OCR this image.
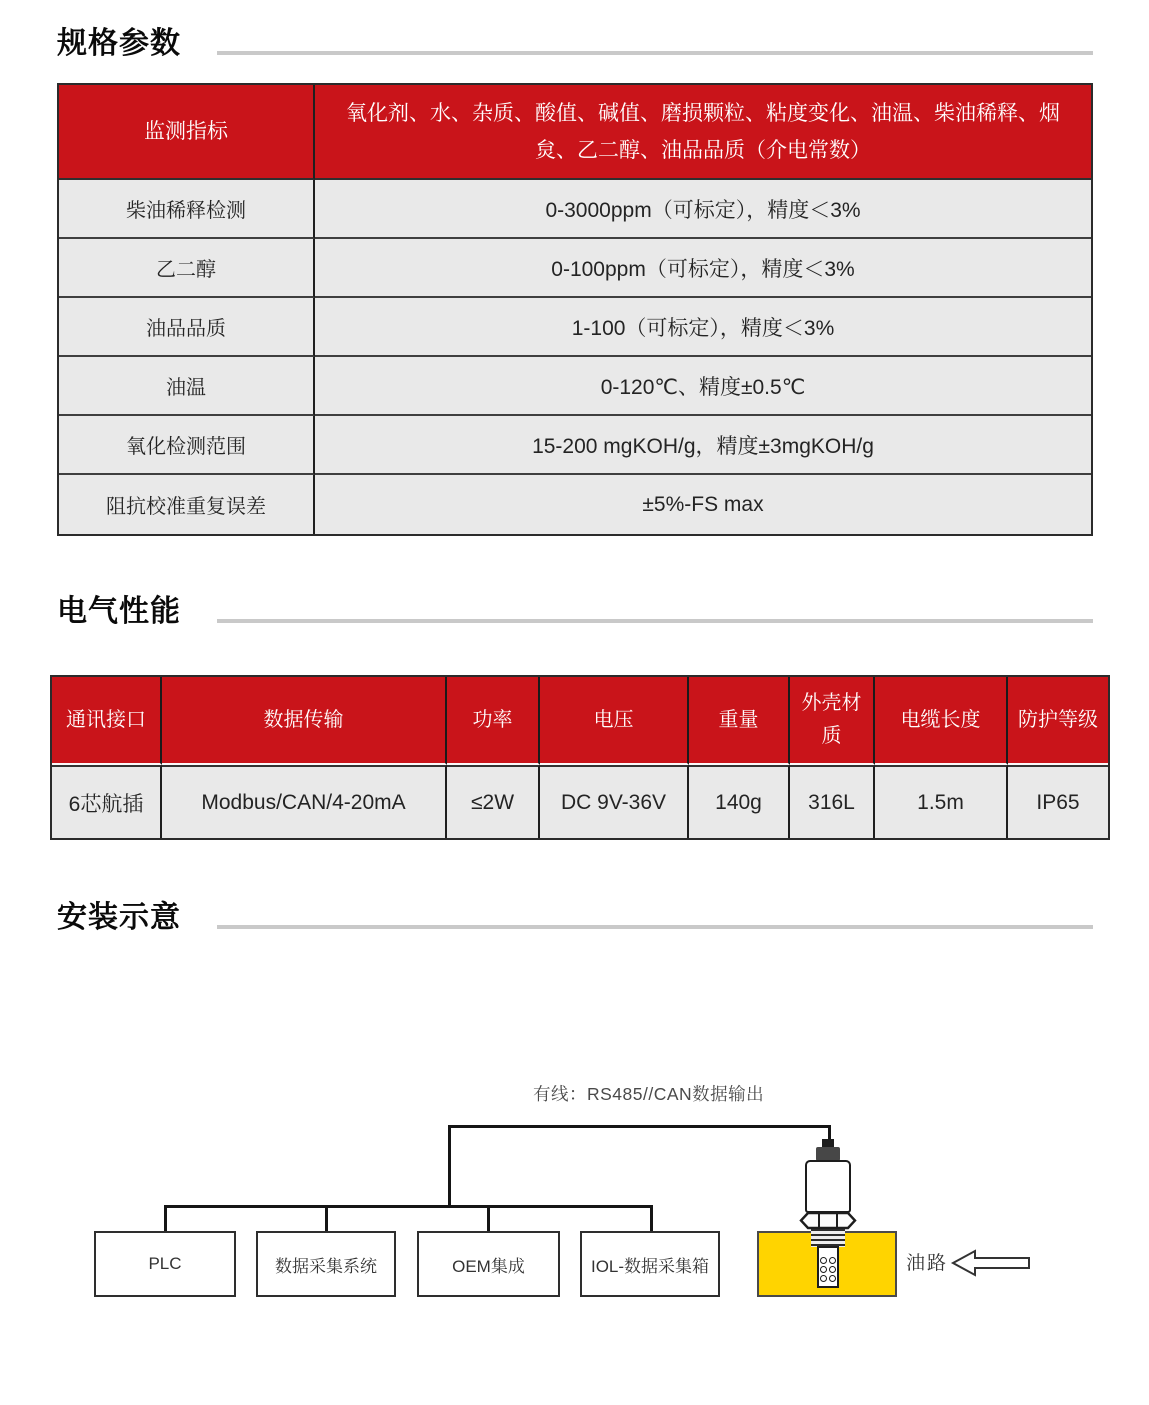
规格参数
监测指标	氧化剂、水、杂质、酸值、碱值、磨损颗粒、粘度变化、油温、柴油稀释、烟炱、乙二醇、油品品质（介电常数）
柴油稀释检测	0-3000ppm（可标定），精度＜3%
乙二醇	0-100ppm（可标定），精度＜3%
油品品质	1-100（可标定），精度＜3%
油温	0-120℃、精度±0.5℃
氧化检测范围	15-200 mgKOH/g，精度±3mgKOH/g
阻抗校准重复误差	±5%-FS max
电气性能
通讯接口	数据传输	功率	电压	重量	外壳材质	电缆长度	防护等级
6芯航插	Modbus/CAN/4-20mA	≤2W	DC 9V-36V	140g	316L	1.5m	IP65
安装示意
有线：RS485//CAN数据输出
PLC	数据采集系统	OEM集成	IOL-数据采集箱	油路
